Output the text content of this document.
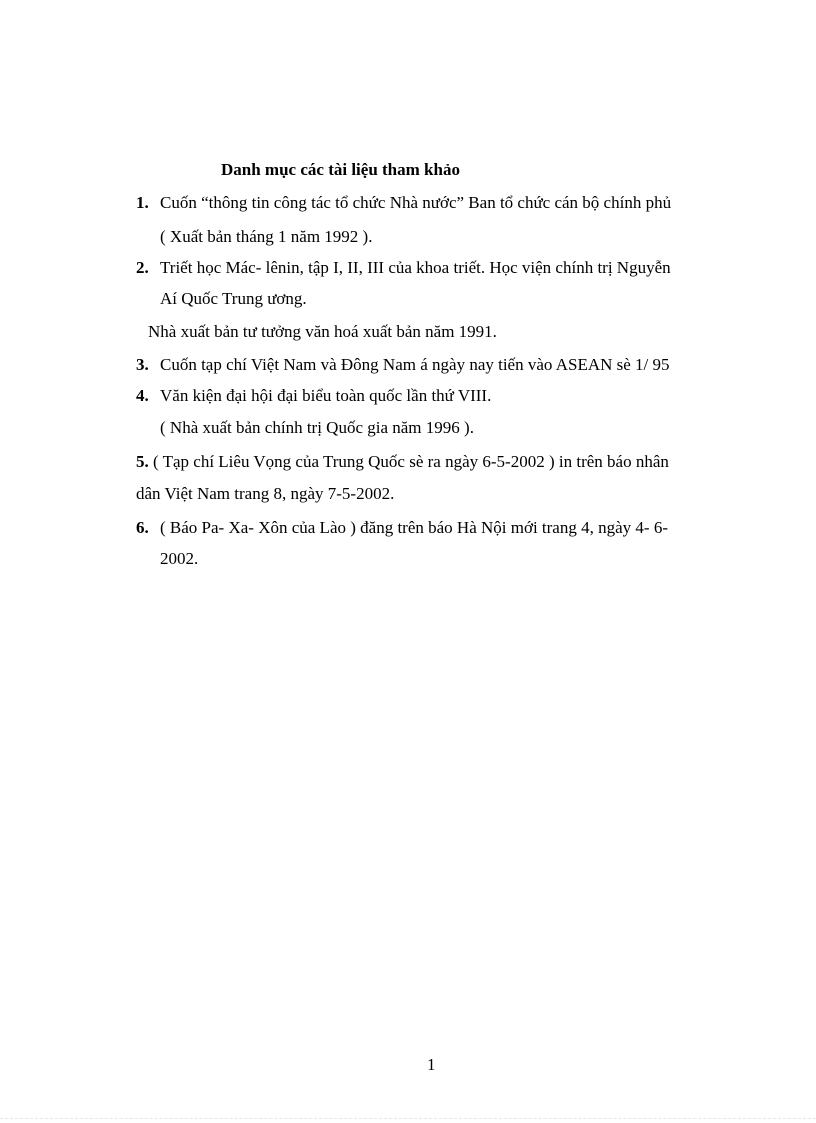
Danh mục các tài liệu tham khảo
1. Cuốn “thông tin công tác tổ chức Nhà nước” Ban tổ chức cán bộ chính phủ
( Xuất bản tháng 1 năm 1992 ).
2. Triết học Mác- lênin, tập I, II, III của khoa triết. Học viện chính trị Nguyễn
Aí Quốc Trung ương.
Nhà xuất bản tư tưởng văn hoá xuất bản năm 1991.
3. Cuốn tạp chí Việt Nam và Đông Nam á ngày nay tiến vào ASEAN sè 1/ 95
4. Văn kiện đại hội đại biểu toàn quốc lần thứ VIII.
( Nhà xuất bản chính trị Quốc gia năm 1996 ).
5. ( Tạp chí Liêu Vọng của Trung Quốc sè ra ngày 6-5-2002 ) in trên báo nhân
dân Việt Nam trang 8, ngày 7-5-2002.
6. ( Báo Pa- Xa- Xôn của Lào ) đăng trên báo Hà Nội mới trang 4, ngày 4- 6-
2002.
1
